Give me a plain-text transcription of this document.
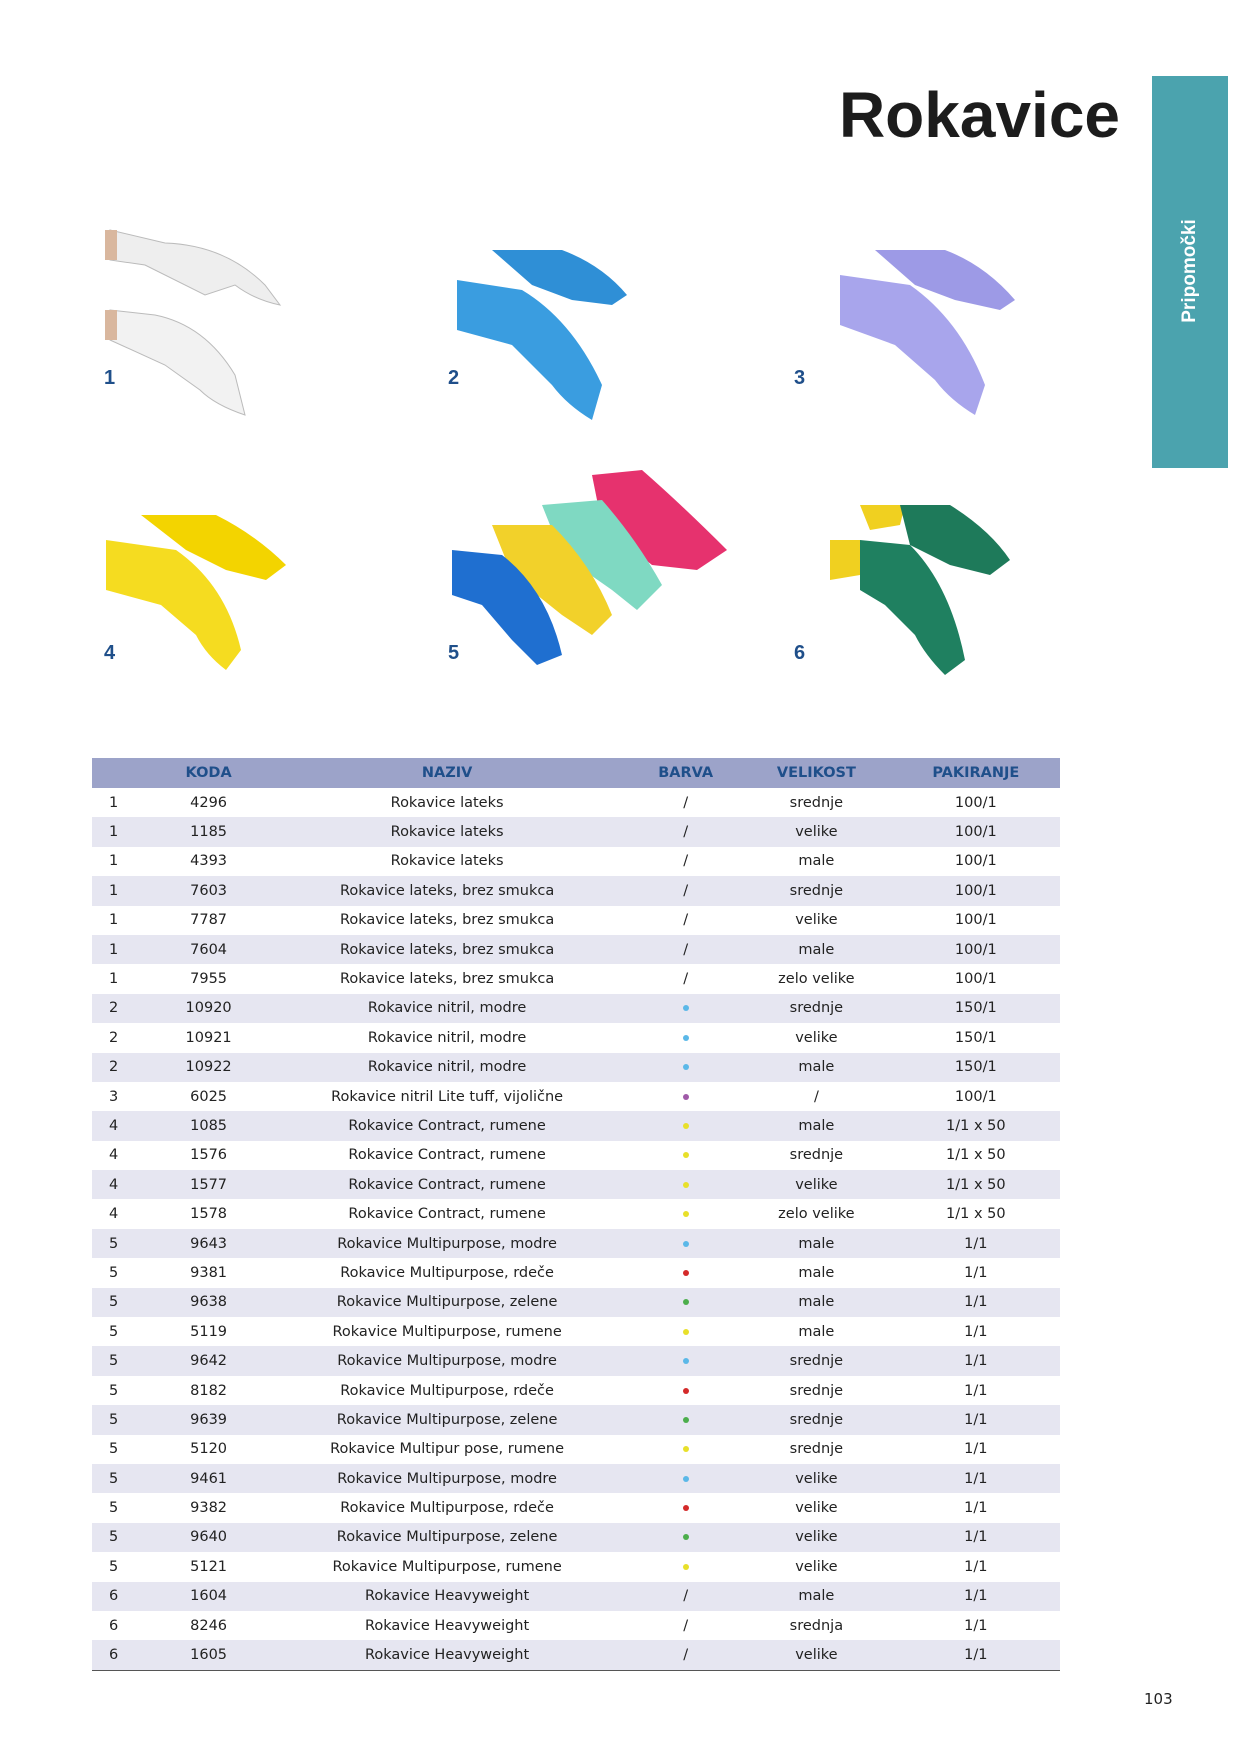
Rokavice
Pripomočki
1	2	3
4	5	6
	KODA	NAZIV	BARVA	VELIKOST	PAKIRANJE
1	4296	Rokavice lateks	/	srednje	100/1
1	1185	Rokavice lateks	/	velike	100/1
1	4393	Rokavice lateks	/	male	100/1
1	7603	Rokavice lateks, brez smukca	/	srednje	100/1
1	7787	Rokavice lateks, brez smukca	/	velike	100/1
1	7604	Rokavice lateks, brez smukca	/	male	100/1
1	7955	Rokavice lateks, brez smukca	/	zelo velike	100/1
2	10920	Rokavice nitril, modre		srednje	150/1
2	10921	Rokavice nitril, modre		velike	150/1
2	10922	Rokavice nitril, modre		male	150/1
3	6025	Rokavice nitril Lite tuff, vijolične		/	100/1
4	1085	Rokavice Contract, rumene		male	1/1 x 50
4	1576	Rokavice Contract, rumene		srednje	1/1 x 50
4	1577	Rokavice Contract, rumene		velike	1/1 x 50
4	1578	Rokavice Contract, rumene		zelo velike	1/1 x 50
5	9643	Rokavice Multipurpose, modre		male	1/1
5	9381	Rokavice Multipurpose, rdeče		male	1/1
5	9638	Rokavice Multipurpose, zelene		male	1/1
5	5119	Rokavice Multipurpose, rumene		male	1/1
5	9642	Rokavice Multipurpose, modre		srednje	1/1
5	8182	Rokavice Multipurpose, rdeče		srednje	1/1
5	9639	Rokavice Multipurpose, zelene		srednje	1/1
5	5120	Rokavice Multipur pose, rumene		srednje	1/1
5	9461	Rokavice Multipurpose, modre		velike	1/1
5	9382	Rokavice Multipurpose, rdeče		velike	1/1
5	9640	Rokavice Multipurpose, zelene		velike	1/1
5	5121	Rokavice Multipurpose, rumene		velike	1/1
6	1604	Rokavice Heavyweight	/	male	1/1
6	8246	Rokavice Heavyweight	/	srednja	1/1
6	1605	Rokavice Heavyweight	/	velike	1/1
103
